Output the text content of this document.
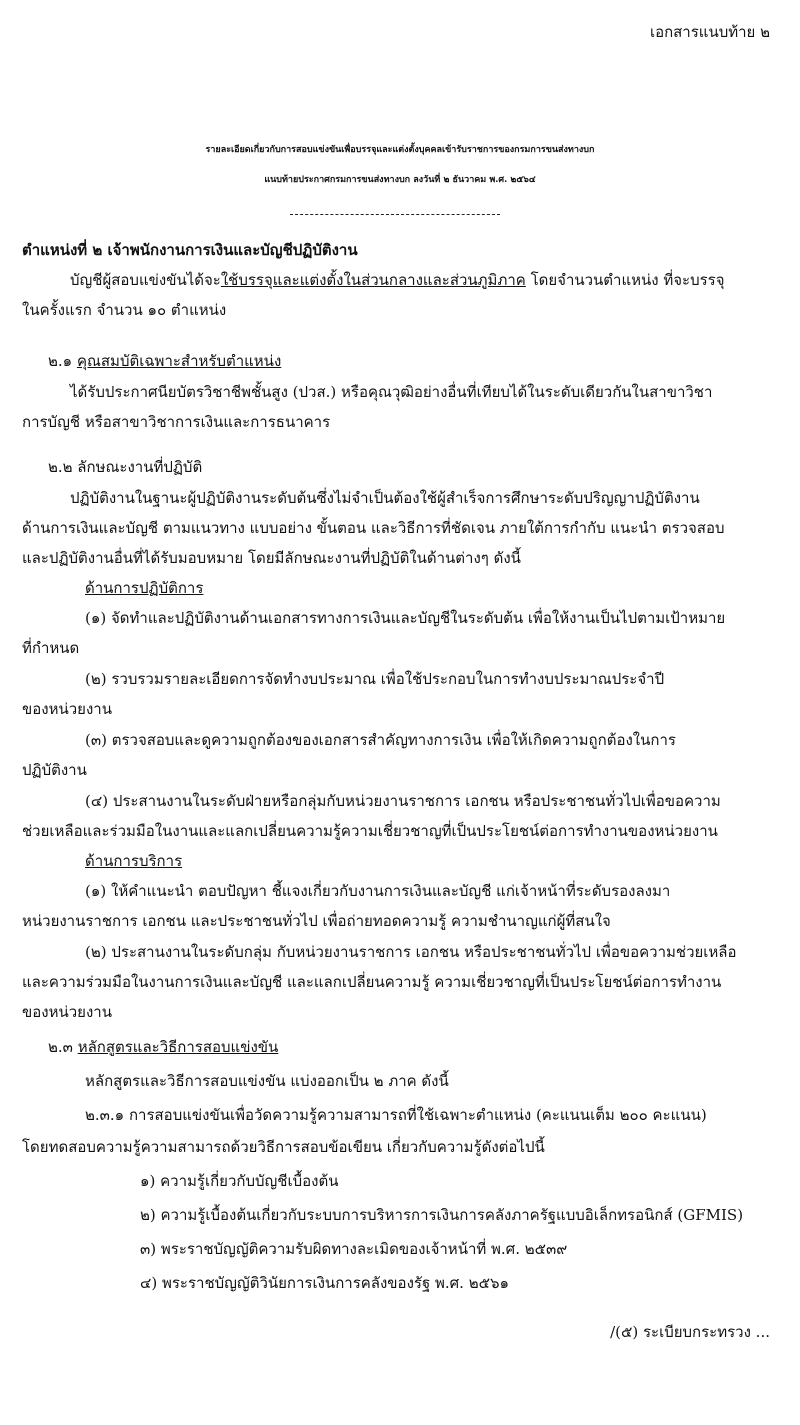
เอกสารแนบท้าย ๒
รายละเอียดเกี่ยวกับการสอบแข่งขันเพื่อบรรจุและแต่งตั้งบุคคลเข้ารับราชการของกรมการขนส่งทางบก
แนบท้ายประกาศกรมการขนส่งทางบก ลงวันที่ ๒ ธันวาคม พ.ศ. ๒๕๖๔
ตำแหน่งที่ ๒ เจ้าพนักงานการเงินและบัญชีปฏิบัติงาน
บัญชีผู้สอบแข่งขันได้จะใช้บรรจุและแต่งตั้งในส่วนกลางและส่วนภูมิภาค โดยจำนวนตำแหน่ง ที่จะบรรจุ
ในครั้งแรก จำนวน ๑๐ ตำแหน่ง
๒.๑ คุณสมบัติเฉพาะสำหรับตำแหน่ง
ได้รับประกาศนียบัตรวิชาชีพชั้นสูง (ปวส.) หรือคุณวุฒิอย่างอื่นที่เทียบได้ในระดับเดียวกันในสาขาวิชา
การบัญชี หรือสาขาวิชาการเงินและการธนาคาร
๒.๒ ลักษณะงานที่ปฏิบัติ
ปฏิบัติงานในฐานะผู้ปฏิบัติงานระดับต้นซึ่งไม่จำเป็นต้องใช้ผู้สำเร็จการศึกษาระดับปริญญาปฏิบัติงาน
ด้านการเงินและบัญชี ตามแนวทาง แบบอย่าง ขั้นตอน และวิธีการที่ชัดเจน ภายใต้การกำกับ แนะนำ ตรวจสอบ
และปฏิบัติงานอื่นที่ได้รับมอบหมาย โดยมีลักษณะงานที่ปฏิบัติในด้านต่างๆ ดังนี้
ด้านการปฏิบัติการ
(๑) จัดทำและปฏิบัติงานด้านเอกสารทางการเงินและบัญชีในระดับต้น เพื่อให้งานเป็นไปตามเป้าหมาย
ที่กำหนด
(๒) รวบรวมรายละเอียดการจัดทำงบประมาณ เพื่อใช้ประกอบในการทำงบประมาณประจำปี
ของหน่วยงาน
(๓) ตรวจสอบและดูความถูกต้องของเอกสารสำคัญทางการเงิน เพื่อให้เกิดความถูกต้องในการ
ปฏิบัติงาน
(๔) ประสานงานในระดับฝ่ายหรือกลุ่มกับหน่วยงานราชการ เอกชน หรือประชาชนทั่วไปเพื่อขอความ
ช่วยเหลือและร่วมมือในงานและแลกเปลี่ยนความรู้ความเชี่ยวชาญที่เป็นประโยชน์ต่อการทำงานของหน่วยงาน
ด้านการบริการ
(๑) ให้คำแนะนำ ตอบปัญหา ชี้แจงเกี่ยวกับงานการเงินและบัญชี แก่เจ้าหน้าที่ระดับรองลงมา
หน่วยงานราชการ เอกชน และประชาชนทั่วไป เพื่อถ่ายทอดความรู้ ความชำนาญแก่ผู้ที่สนใจ
(๒) ประสานงานในระดับกลุ่ม กับหน่วยงานราชการ เอกชน หรือประชาชนทั่วไป เพื่อขอความช่วยเหลือ
และความร่วมมือในงานการเงินและบัญชี และแลกเปลี่ยนความรู้ ความเชี่ยวชาญที่เป็นประโยชน์ต่อการทำงาน
ของหน่วยงาน
๒.๓ หลักสูตรและวิธีการสอบแข่งขัน
หลักสูตรและวิธีการสอบแข่งขัน แบ่งออกเป็น ๒ ภาค ดังนี้
๒.๓.๑ การสอบแข่งขันเพื่อวัดความรู้ความสามารถที่ใช้เฉพาะตำแหน่ง (คะแนนเต็ม ๒๐๐ คะแนน)
โดยทดสอบความรู้ความสามารถด้วยวิธีการสอบข้อเขียน เกี่ยวกับความรู้ดังต่อไปนี้
๑) ความรู้เกี่ยวกับบัญชีเบื้องต้น
๒) ความรู้เบื้องต้นเกี่ยวกับระบบการบริหารการเงินการคลังภาครัฐแบบอิเล็กทรอนิกส์ (GFMIS)
๓) พระราชบัญญัติความรับผิดทางละเมิดของเจ้าหน้าที่ พ.ศ. ๒๕๓๙
๔) พระราชบัญญัติวินัยการเงินการคลังของรัฐ พ.ศ. ๒๕๖๑
/(๕) ระเบียบกระทรวง ...
